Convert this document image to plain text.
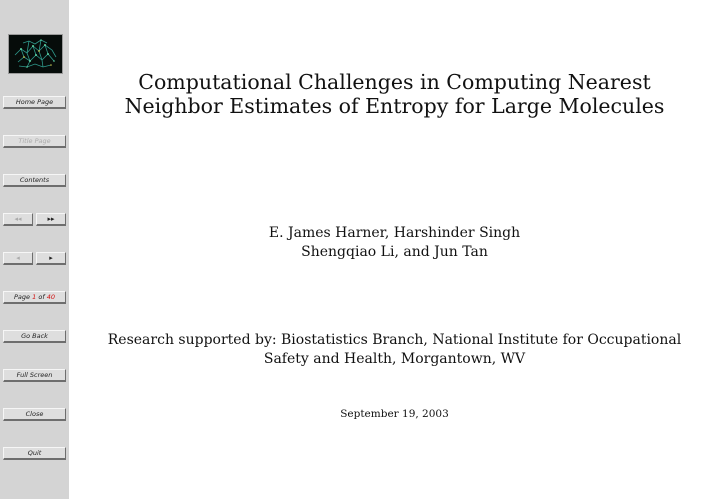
Home Page
Title Page
Contents
◂◂	▸▸
◂	▸
Page 1 of 40
Go Back
Full Screen
Close
Quit
Computational Challenges in Computing Nearest
Neighbor Estimates of Entropy for Large Molecules
E. James Harner, Harshinder Singh
Shengqiao Li, and Jun Tan
Research supported by: Biostatistics Branch, National Institute for Occupational
Safety and Health, Morgantown, WV
September 19, 2003
